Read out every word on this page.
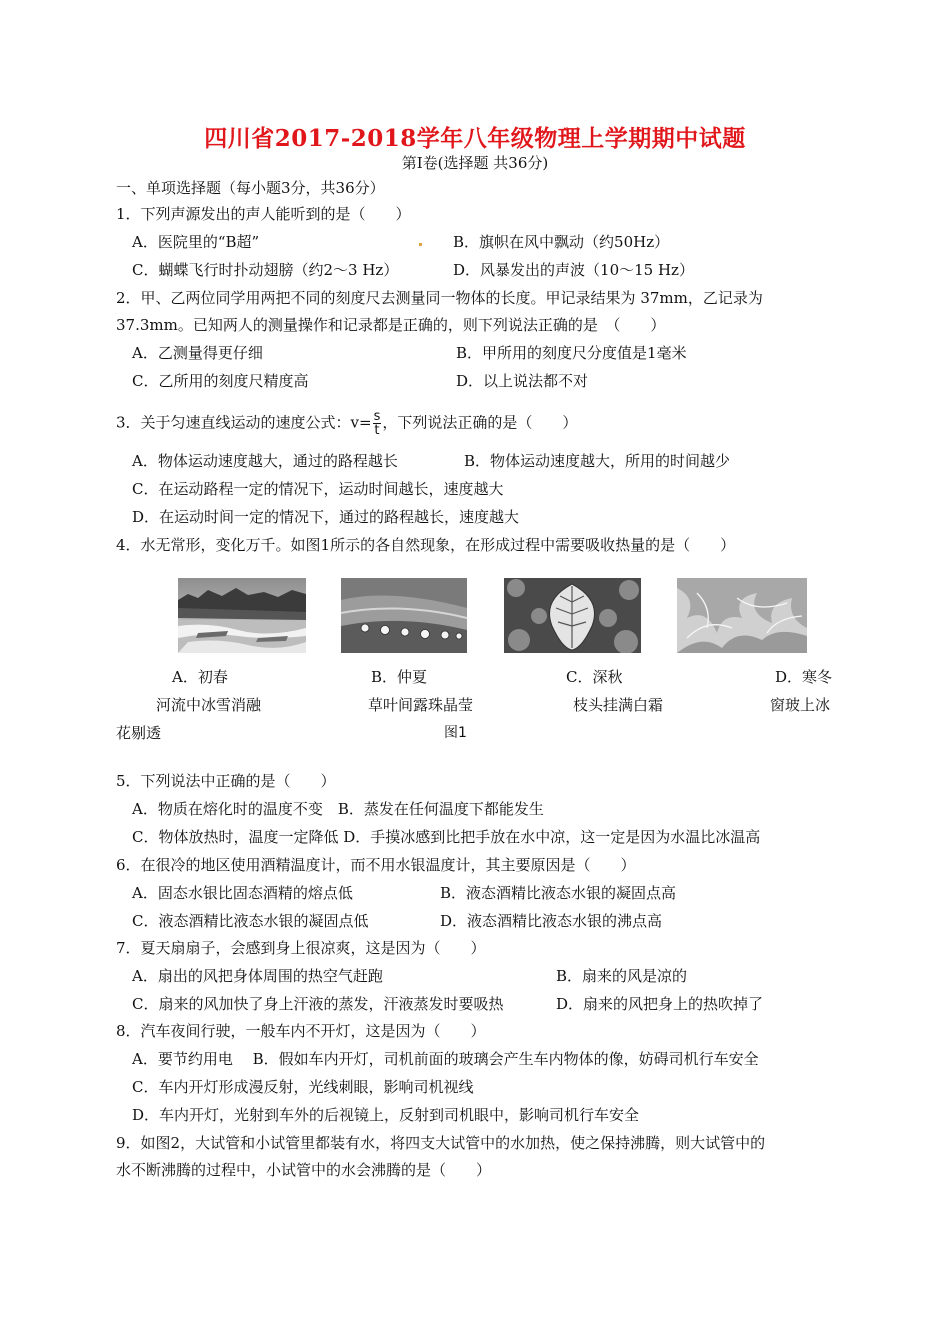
四川省2017-2018学年八年级物理上学期期中试题
第Ⅰ卷(选择题 共36分)
一、单项选择题（每小题3分，共36分）
1．下列声源发出的声人能听到的是（　　）
A．医院里的“B超”	B．旗帜在风中飘动（约50Hz）
C．蝴蝶飞行时扑动翅膀（约2～3 Hz）	D．风暴发出的声波（10～15 Hz）
2．甲、乙两位同学用两把不同的刻度尺去测量同一物体的长度。甲记录结果为 37mm，乙记录为
37.3mm。已知两人的测量操作和记录都是正确的，则下列说法正确的是　（　　）
A．乙测量得更仔细	B．甲所用的刻度尺分度值是1毫米
C．乙所用的刻度尺精度高	D．以上说法都不对
3．关于匀速直线运动的速度公式：$v= \frac{s}{t}$ ，下列说法正确的是（　　）
A．物体运动速度越大，通过的路程越长	B．物体运动速度越大，所用的时间越少
C．在运动路程一定的情况下，运动时间越长，速度越大
D．在运动时间一定的情况下，通过的路程越长，速度越大
4．水无常形，变化万千。如图1所示的各自然现象，在形成过程中需要吸收热量的是（　　）
A．初春	B．仲夏	C．深秋	D．寒冬
河流中冰雪消融	草叶间露珠晶莹	枝头挂满白霜	窗玻上冰
花剔透	图1
5．下列说法中正确的是（　　）
A．物质在熔化时的温度不变　B．蒸发在任何温度下都能发生
C．物体放热时，温度一定降低 D．手摸冰感到比把手放在水中凉，这一定是因为水温比冰温高
6．在很冷的地区使用酒精温度计，而不用水银温度计，其主要原因是（　　）
A．固态水银比固态酒精的熔点低	B．液态酒精比液态水银的凝固点高
C．液态酒精比液态水银的凝固点低	D．液态酒精比液态水银的沸点高
7．夏天扇扇子，会感到身上很凉爽，这是因为（　　）
A．扇出的风把身体周围的热空气赶跑	B．扇来的风是凉的
C．扇来的风加快了身上汗液的蒸发，汗液蒸发时要吸热	D．扇来的风把身上的热吹掉了
8．汽车夜间行驶，一般车内不开灯，这是因为（　　）
A．要节约用电　 B．假如车内开灯，司机前面的玻璃会产生车内物体的像，妨碍司机行车安全
C．车内开灯形成漫反射，光线刺眼，影响司机视线
D．车内开灯，光射到车外的后视镜上，反射到司机眼中，影响司机行车安全
9．如图2，大试管和小试管里都装有水，将四支大试管中的水加热，使之保持沸腾，则大试管中的
水不断沸腾的过程中，小试管中的水会沸腾的是（　　）
